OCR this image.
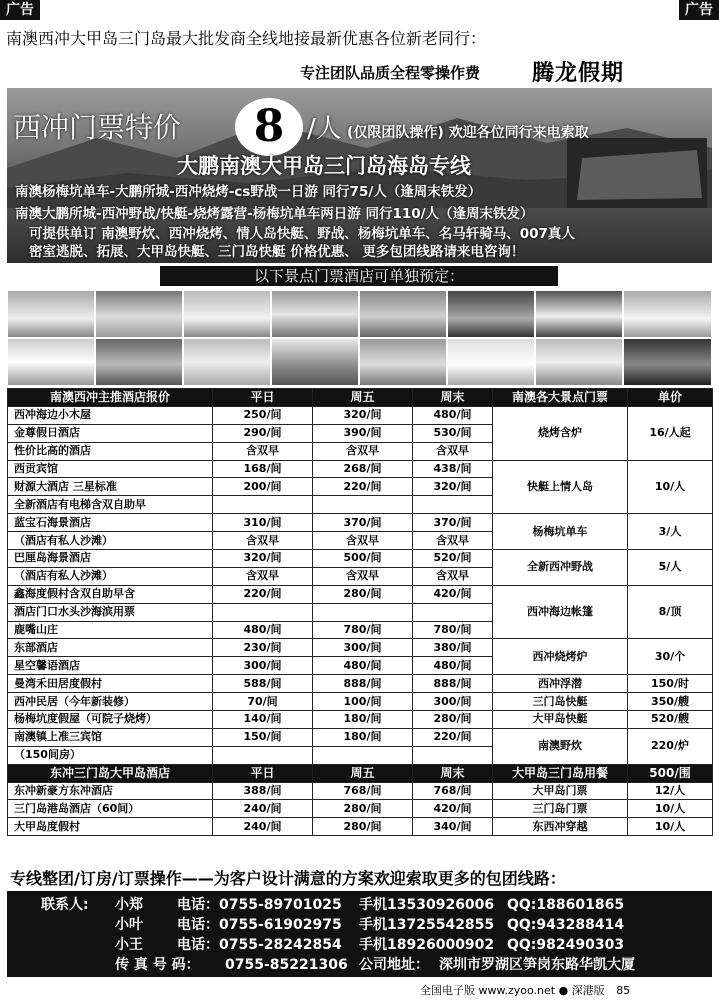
广告	广告
南澳西冲大甲岛三门岛最大批发商全线地接最新优惠各位新老同行：
专注团队品质全程零操作费 腾龙假期
西冲门票特价	8 /人 (仅限团队操作) 欢迎各位同行来电索取
大鹏南澳大甲岛三门岛海岛专线
南澳杨梅坑单车-大鹏所城-西冲烧烤-cs野战一日游 同行75/人（逢周末铁发）
南澳大鹏所城-西冲野战/快艇-烧烤露营-杨梅坑单车两日游 同行110/人（逢周末铁发）
可提供单订 南澳野炊、西冲烧烤、情人岛快艇、野战、杨梅坑单车、名马轩骑马、007真人
密室逃脱、拓展、大甲岛快艇、三门岛快艇 价格优惠、 更多包团线路请来电咨询！
以下景点门票酒店可单独预定：
南澳西冲主推酒店报价	平日	周五	周末	南澳各大景点门票	单价
西冲海边小木屋	250/间	320/间	480/间	烧烤含炉	16/人起
金尊假日酒店	290/间	390/间	530/间		
性价比高的酒店	含双早	含双早	含双早		
西贡宾馆	168/间	268/间	438/间	快艇上情人岛	10/人
财源大酒店 三星标准	200/间	220/间	320/间		
全新酒店有电梯含双自助早					
蓝宝石海景酒店	310/间	370/间	370/间	杨梅坑单车	3/人
（酒店有私人沙滩）	含双早	含双早	含双早		
巴厘岛海景酒店	320/间	500/间	520/间	全新西冲野战	5/人
（酒店有私人沙滩）	含双早	含双早	含双早		
鑫海度假村含双自助早含	220/间	280/间	420/间	西冲海边帐篷	8/顶
酒店门口水头沙海滨用票					
鹿嘴山庄	480/间	780/间	780/间		
东部酒店	230/间	300/间	380/间	西冲烧烤炉	30/个
星空馨语酒店	300/间	480/间	480/间		
曼湾禾田居度假村	588/间	888/间	888/间	西冲浮潜	150/时
西冲民居（今年新装修）	70/间	100/间	300/间	三门岛快艇	350/艘
杨梅坑度假屋（可院子烧烤）	140/间	180/间	280/间	大甲岛快艇	520/艘
南澳镇上准三宾馆	150/间	180/间	220/间	南澳野炊	220/炉
（150间房）					
东冲三门岛大甲岛酒店	平日	周五	周末	大甲岛三门岛用餐	500/围
东冲新豪方东冲酒店	388/间	768/间	768/间	大甲岛门票	12/人
三门岛港岛酒店（60间）	240/间	280/间	420/间	三门岛门票	10/人
大甲岛度假村	240/间	280/间	340/间	东西冲穿越	10/人
专线整团/订房/订票操作——为客户设计满意的方案欢迎索取更多的包团线路：
联系人: 小郑 电话：0755-89701025 手机13530926006 QQ:188601865
小叶 电话：0755-61902975 手机13725542855 QQ:943288414
小王 电话：0755-28242854 手机18926000902 QQ:982490303
传 真 号 码： 0755-85221306 公司地址： 深圳市罗湖区笋岗东路华凯大厦
全国电子版 www.zyoo.net ● 深港版 85
